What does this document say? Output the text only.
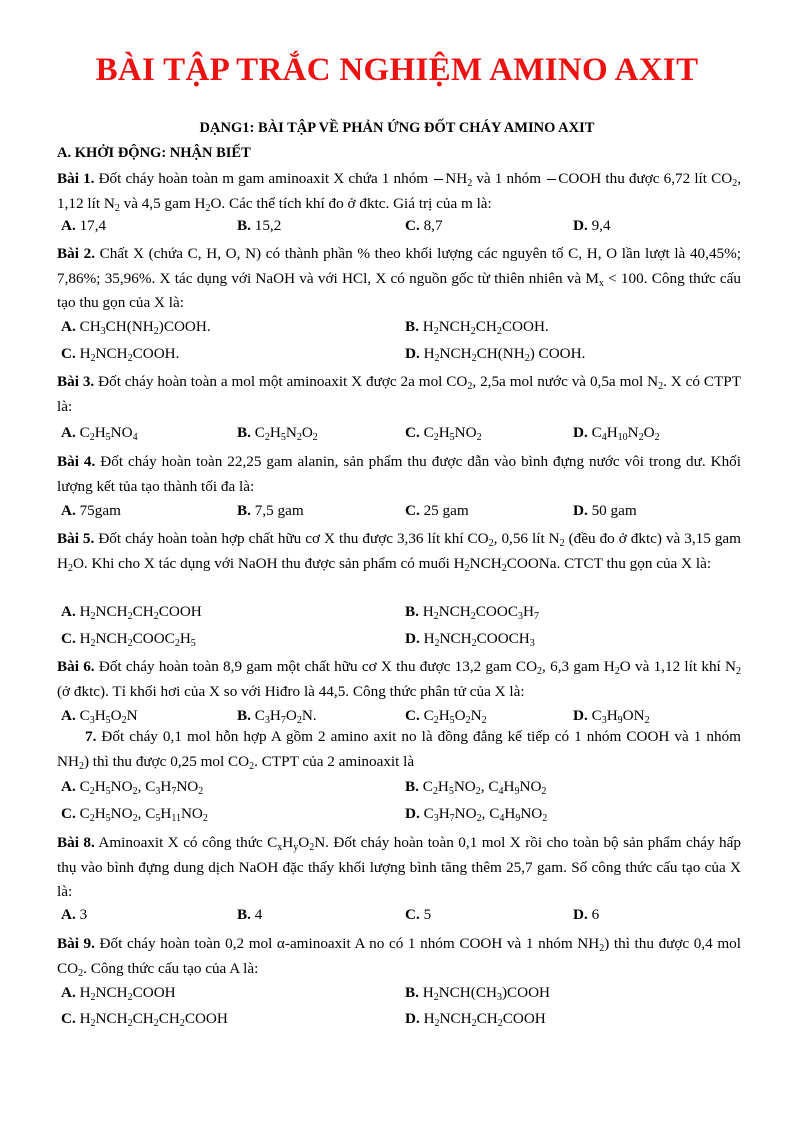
BÀI TẬP TRẮC NGHIỆM AMINO AXIT
DẠNG1: BÀI TẬP VỀ PHẢN ỨNG ĐỐT CHÁY AMINO AXIT
A. KHỞI ĐỘNG: NHẬN BIẾT
Bài 1. Đốt cháy hoàn toàn m gam aminoaxit X chứa 1 nhóm $NH_2$ và 1 nhóm COOH thu được 6,72 lít $CO_2$, 1,12 lít $N_2$ và 4,5 gam $H_2O$. Các thể tích khí đo ở đktc. Giá trị của m là:
A. 17,4	B. 15,2	C. 8,7	D. 9,4
Bài 2. Chất X (chứa C, H, O, N) có thành phần % theo khối lượng các nguyên tố C, H, O lần lượt là 40,45%; 7,86%; 35,96%. X tác dụng với NaOH và với HCl, X có nguồn gốc từ thiên nhiên và $M_x < 100$. Công thức cấu tạo thu gọn của X là:
A. $CH_3CH(NH_2)COOH$.	B. $H_2NCH_2CH_2COOH$.
C. $H_2NCH_2COOH$.	D. $H_2NCH_2CH(NH_2)$ COOH.
Bài 3. Đốt cháy hoàn toàn a mol một aminoaxit X được 2a mol $CO_2$, 2,5a mol nước và 0,5a mol $N_2$. X có CTPT là:
A. $C_2H_5NO_4$	B. $C_2H_5N_2O_2$	C. $C_2H_5NO_2$	D. $C_4H_{10}N_2O_2$
Bài 4. Đốt cháy hoàn toàn 22,25 gam alanin, sản phẩm thu được dẫn vào bình đựng nước vôi trong dư. Khối lượng kết tủa tạo thành tối đa là:
A. 75gam	B. 7,5 gam	C. 25 gam	D. 50 gam
Bài 5. Đốt cháy hoàn toàn hợp chất hữu cơ X thu được 3,36 lít khí $CO_2$, 0,56 lít $N_2$ (đều đo ở đktc) và 3,15 gam $H_2O$. Khi cho X tác dụng với NaOH thu được sản phẩm có muối $H_2NCH_2COONa$. CTCT thu gọn của X là:
A. $H_2NCH_2CH_2COOH$	B. $H_2NCH_2COOC_3H_7$
C. $H_2NCH_2COOC_2H_5$	D. $H_2NCH_2COOCH_3$
Bài 6. Đốt cháy hoàn toàn 8,9 gam một chất hữu cơ X thu được 13,2 gam $CO_2$, 6,3 gam $H_2O$ và 1,12 lít khí $N_2$ (ở đktc). Tỉ khối hơi của X so với Hiđro là 44,5. Công thức phân tử của X là:
A. $C_3H_5O_2N$	B. $C_3H_7O_2N$.	C. $C_2H_5O_2N_2$	D. $C_3H_9ON_2$
7. Đốt cháy 0,1 mol hỗn hợp A gồm 2 amino axit no là đồng đẳng kế tiếp có 1 nhóm COOH và 1 nhóm $NH_2$) thì thu được 0,25 mol $CO_2$. CTPT của 2 aminoaxit là
A. $C_2H_5NO_2$, $C_3H_7NO_2$	B. $C_2H_5NO_2$, $C_4H_9NO_2$
C. $C_2H_5NO_2$, $C_5H_{11}NO_2$	D. $C_3H_7NO_2$, $C_4H_9NO_2$
Bài 8. Aminoaxit X có công thức $C_xH_yO_2N$. Đốt cháy hoàn toàn 0,1 mol X rồi cho toàn bộ sản phẩm cháy hấp thụ vào bình đựng dung dịch NaOH đặc thấy khối lượng bình tăng thêm 25,7 gam. Số công thức cấu tạo của X là:
A. 3	B. 4	C. 5	D. 6
Bài 9. Đốt cháy hoàn toàn 0,2 mol α-aminoaxit A no có 1 nhóm COOH và 1 nhóm $NH_2$) thì thu được 0,4 mol $CO_2$. Công thức cấu tạo của A là:
A. $H_2NCH_2COOH$	B. $H_2NCH(CH_3)COOH$
C. $H_2NCH_2CH_2CH_2COOH$	D. $H_2NCH_2CH_2COOH$
